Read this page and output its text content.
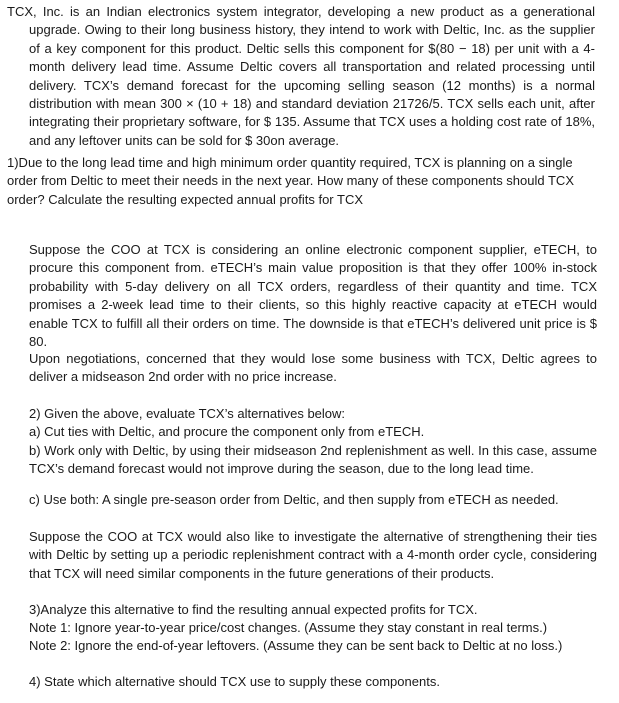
TCX, Inc. is an Indian electronics system integrator, developing a new product as a generational upgrade. Owing to their long business history, they intend to work with Deltic, Inc. as the supplier of a key component for this product. Deltic sells this component for $(80 − 18) per unit with a 4-month delivery lead time. Assume Deltic covers all transportation and related processing until delivery. TCX’s demand forecast for the upcoming selling season (12 months) is a normal distribution with mean 300 × (10 + 18) and standard deviation 21726/5. TCX sells each unit, after integrating their proprietary software, for $ 135. Assume that TCX uses a holding cost rate of 18%, and any leftover units can be sold for $ 30on average.

1)Due to the long lead time and high minimum order quantity required, TCX is planning on a single order from Deltic to meet their needs in the next year. How many of these components should TCX order? Calculate the resulting expected annual profits for TCX

Suppose the COO at TCX is considering an online electronic component supplier, eTECH, to procure this component from. eTECH’s main value proposition is that they offer 100% in-stock probability with 5-day delivery on all TCX orders, regardless of their quantity and time. TCX promises a 2-week lead time to their clients, so this highly reactive capacity at eTECH would enable TCX to fulfill all their orders on time. The downside is that eTECH’s delivered unit price is $ 80.

Upon negotiations, concerned that they would lose some business with TCX, Deltic agrees to deliver a midseason 2nd order with no price increase.

2) Given the above, evaluate TCX’s alternatives below:

a) Cut ties with Deltic, and procure the component only from eTECH.

b) Work only with Deltic, by using their midseason 2nd replenishment as well. In this case, assume TCX’s demand forecast would not improve during the season, due to the long lead time.

c) Use both: A single pre-season order from Deltic, and then supply from eTECH as needed.

Suppose the COO at TCX would also like to investigate the alternative of strengthening their ties with Deltic by setting up a periodic replenishment contract with a 4-month order cycle, considering that TCX will need similar components in the future generations of their products.

3)Analyze this alternative to find the resulting annual expected profits for TCX.

Note 1: Ignore year-to-year price/cost changes. (Assume they stay constant in real terms.)

Note 2: Ignore the end-of-year leftovers. (Assume they can be sent back to Deltic at no loss.)

4) State which alternative should TCX use to supply these components.
